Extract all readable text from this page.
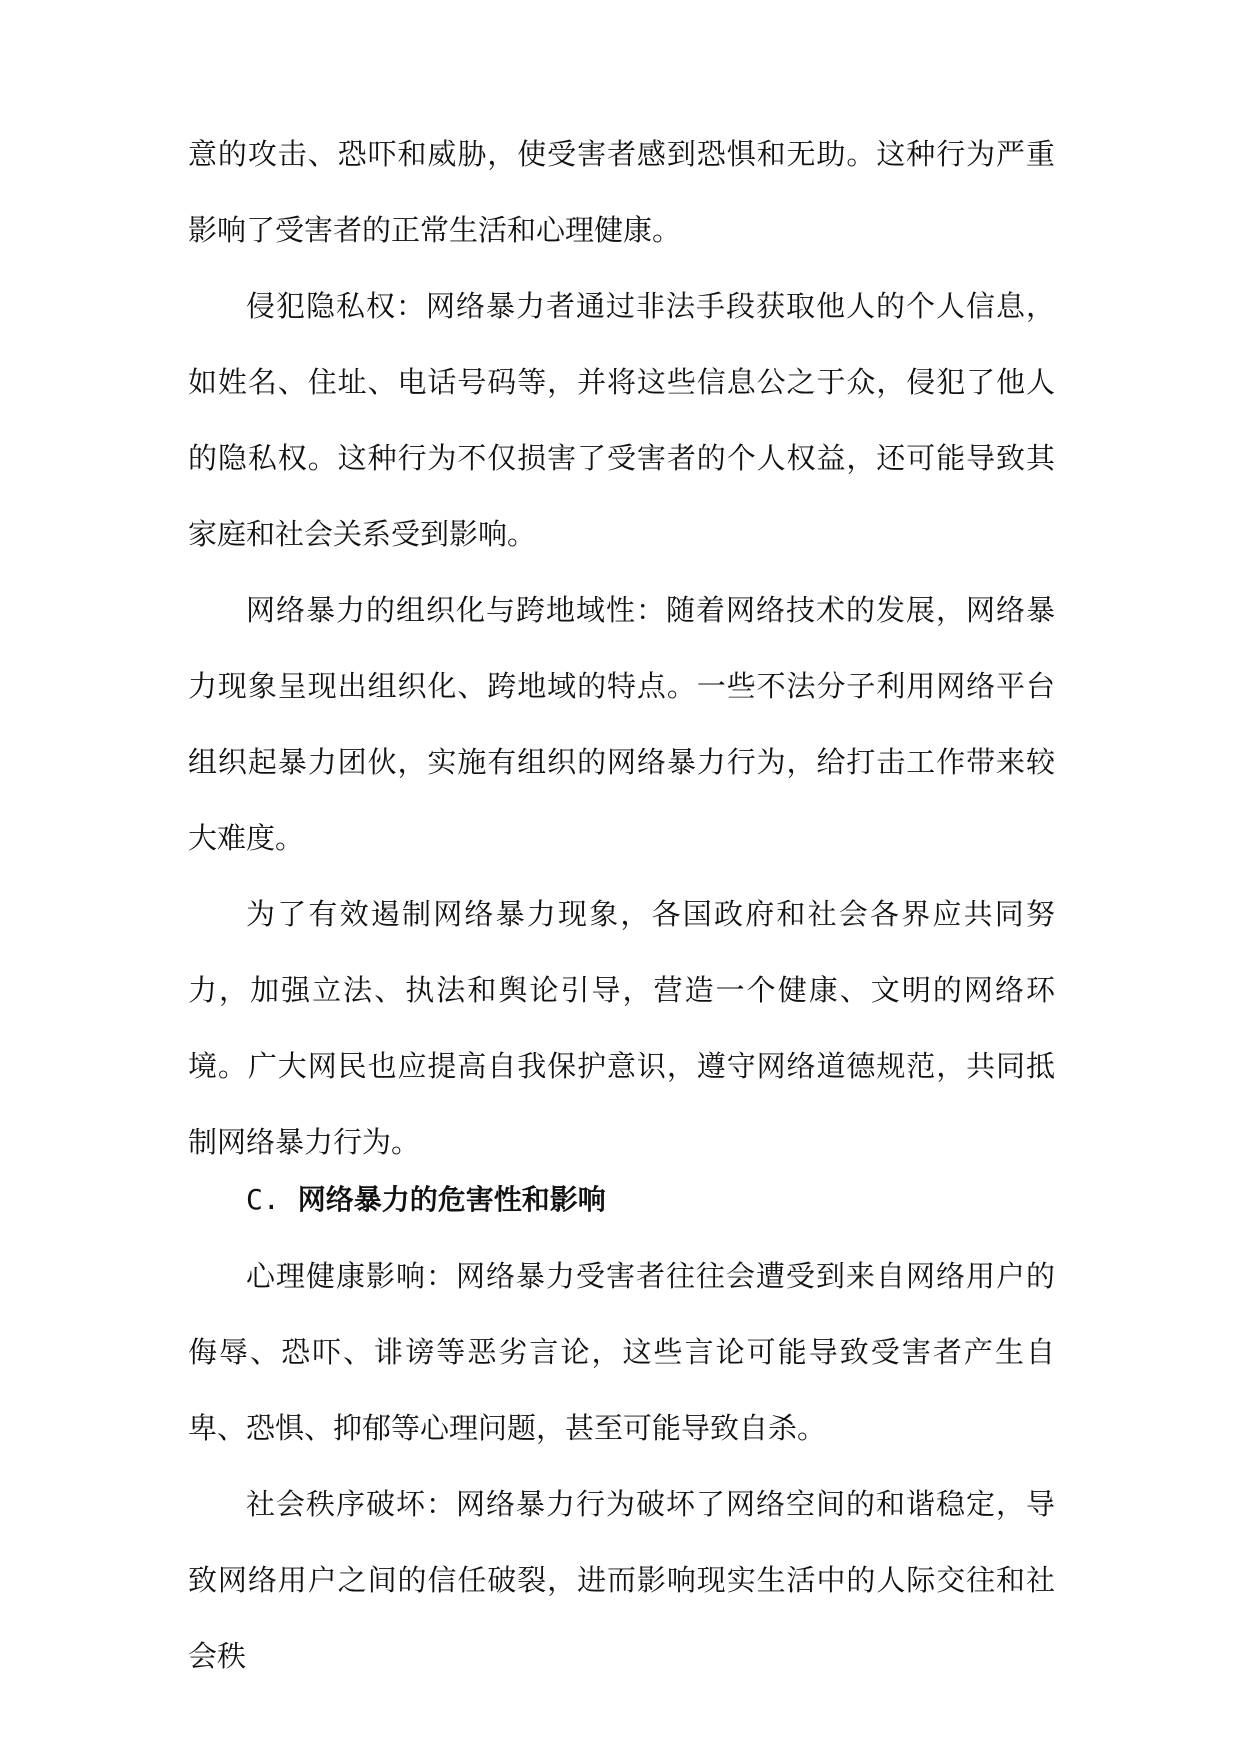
意的攻击、恐吓和威胁，使受害者感到恐惧和无助。这种行为严重影响了受害者的正常生活和心理健康。

侵犯隐私权：网络暴力者通过非法手段获取他人的个人信息，如姓名、住址、电话号码等，并将这些信息公之于众，侵犯了他人的隐私权。这种行为不仅损害了受害者的个人权益，还可能导致其家庭和社会关系受到影响。

网络暴力的组织化与跨地域性：随着网络技术的发展，网络暴力现象呈现出组织化、跨地域的特点。一些不法分子利用网络平台组织起暴力团伙，实施有组织的网络暴力行为，给打击工作带来较大难度。

为了有效遏制网络暴力现象，各国政府和社会各界应共同努力，加强立法、执法和舆论引导，营造一个健康、文明的网络环境。广大网民也应提高自我保护意识，遵守网络道德规范，共同抵制网络暴力行为。

C. 网络暴力的危害性和影响

心理健康影响：网络暴力受害者往往会遭受到来自网络用户的侮辱、恐吓、诽谤等恶劣言论，这些言论可能导致受害者产生自卑、恐惧、抑郁等心理问题，甚至可能导致自杀。

社会秩序破坏：网络暴力行为破坏了网络空间的和谐稳定，导致网络用户之间的信任破裂，进而影响现实生活中的人际交往和社会秩
